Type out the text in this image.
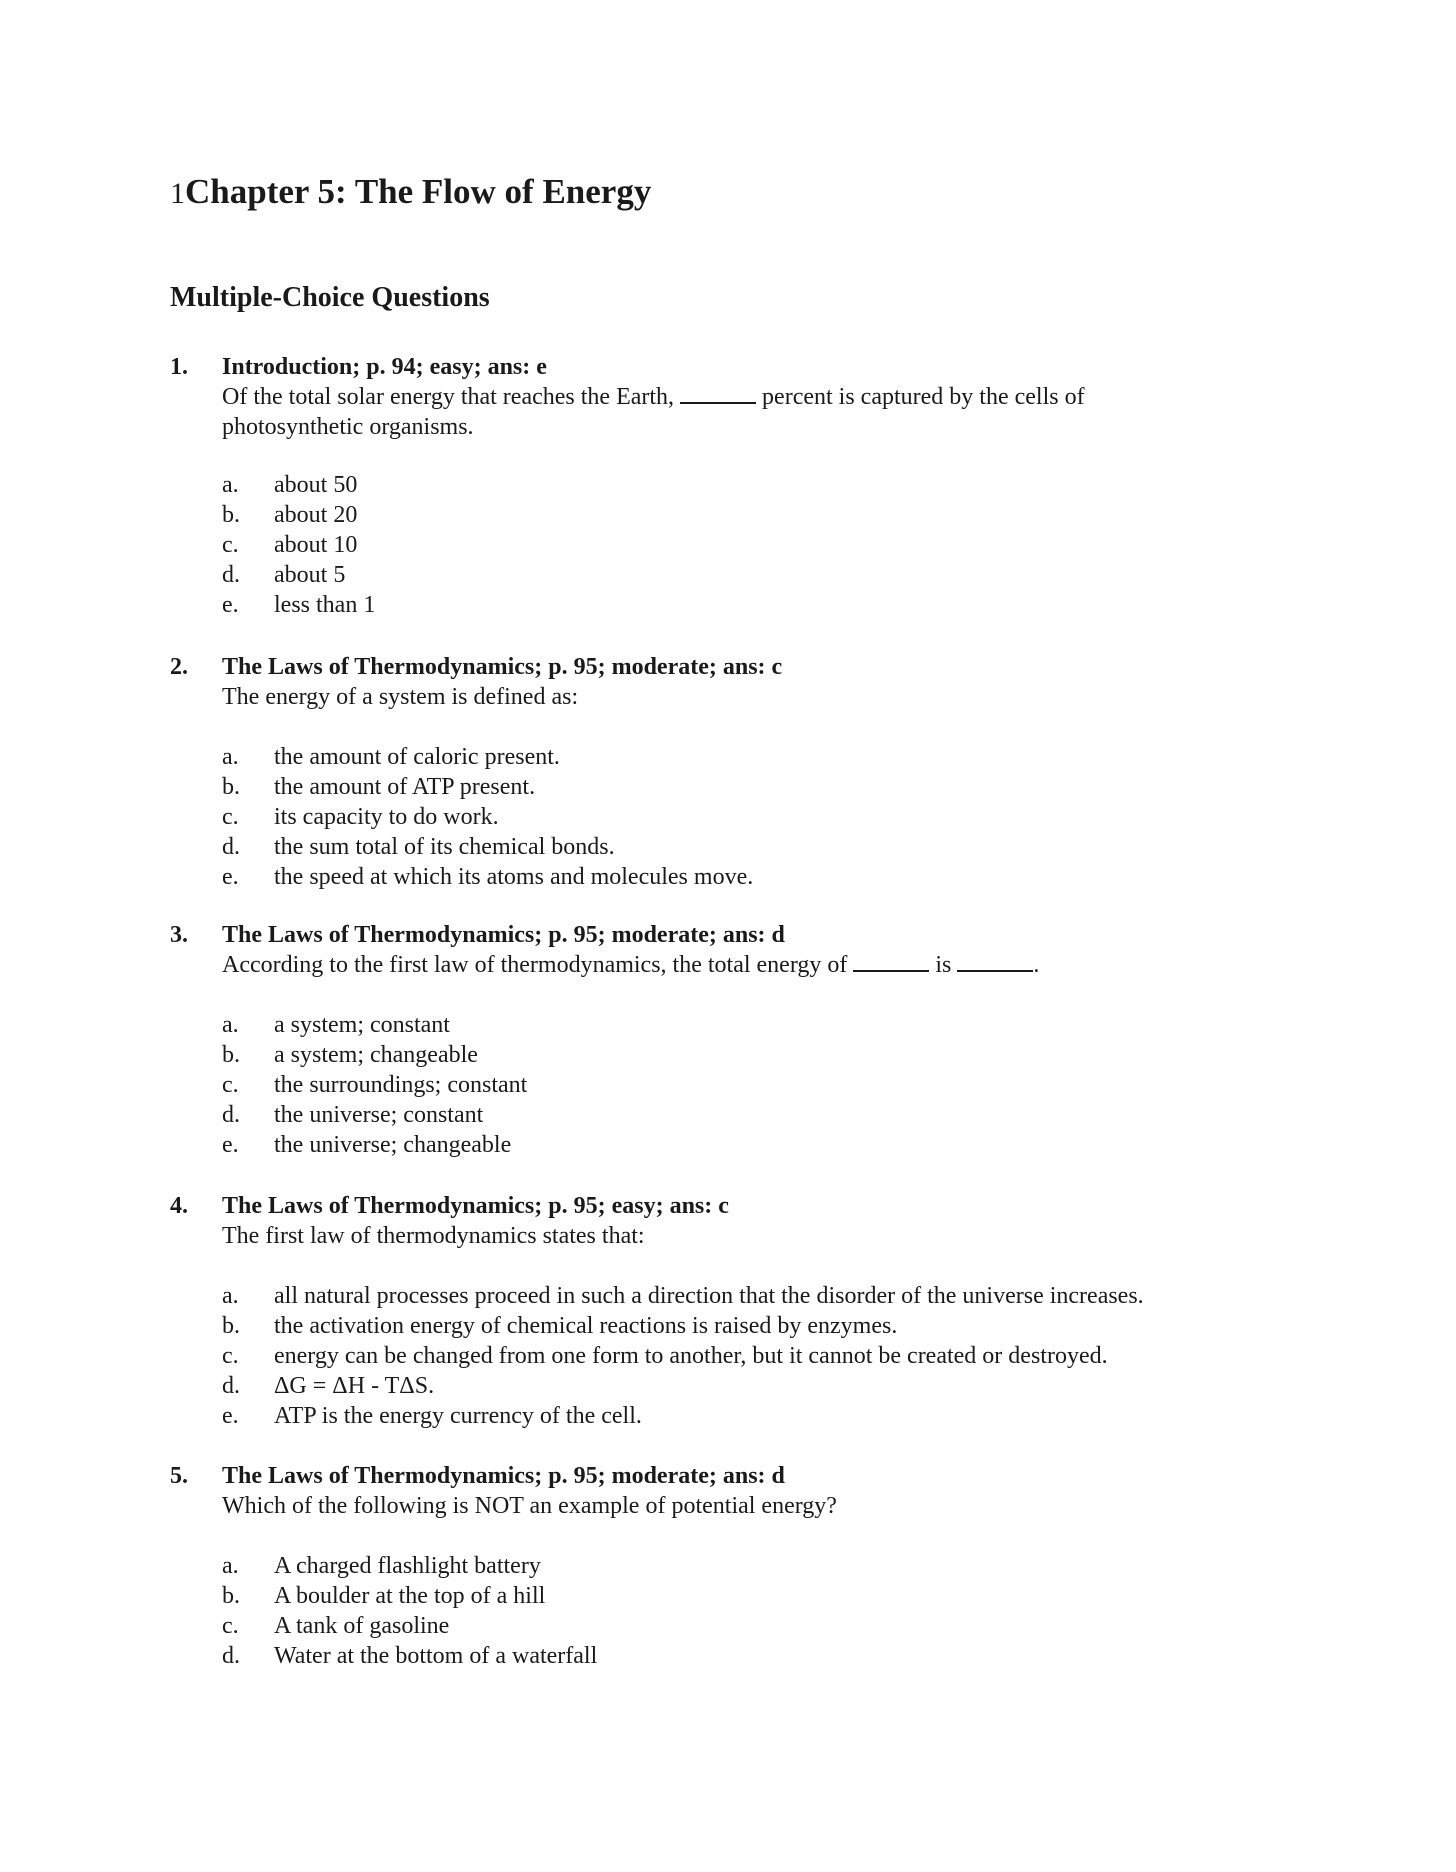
1Chapter 5: The Flow of Energy
Multiple-Choice Questions
1. Introduction; p. 94; easy; ans: e

Of the total solar energy that reaches the Earth,	percent is captured by the cells of
photosynthetic organisms.

a. about 50
b. about 20
c. about 10
d. about 5
e. less than 1
2. The Laws of Thermodynamics; p. 95; moderate; ans: c

The energy of a system is defined as:

a. the amount of caloric present.
b. the amount of ATP present.
c. its capacity to do work.
d. the sum total of its chemical bonds.
e. the speed at which its atoms and molecules move.
3. The Laws of Thermodynamics; p. 95; moderate; ans: d

According to the first law of thermodynamics, the total energy of	is	.

a. a system; constant
b. a system; changeable
c. the surroundings; constant
d. the universe; constant
e. the universe; changeable
4. The Laws of Thermodynamics; p. 95; easy; ans: c

The first law of thermodynamics states that:

a. all natural processes proceed in such a direction that the disorder of the universe increases.
b. the activation energy of chemical reactions is raised by enzymes.
c. energy can be changed from one form to another, but it cannot be created or destroyed.
d. ΔG = ΔH - TΔS.
e. ATP is the energy currency of the cell.
5. The Laws of Thermodynamics; p. 95; moderate; ans: d

Which of the following is NOT an example of potential energy?

a. A charged flashlight battery
b. A boulder at the top of a hill
c. A tank of gasoline
d. Water at the bottom of a waterfall
